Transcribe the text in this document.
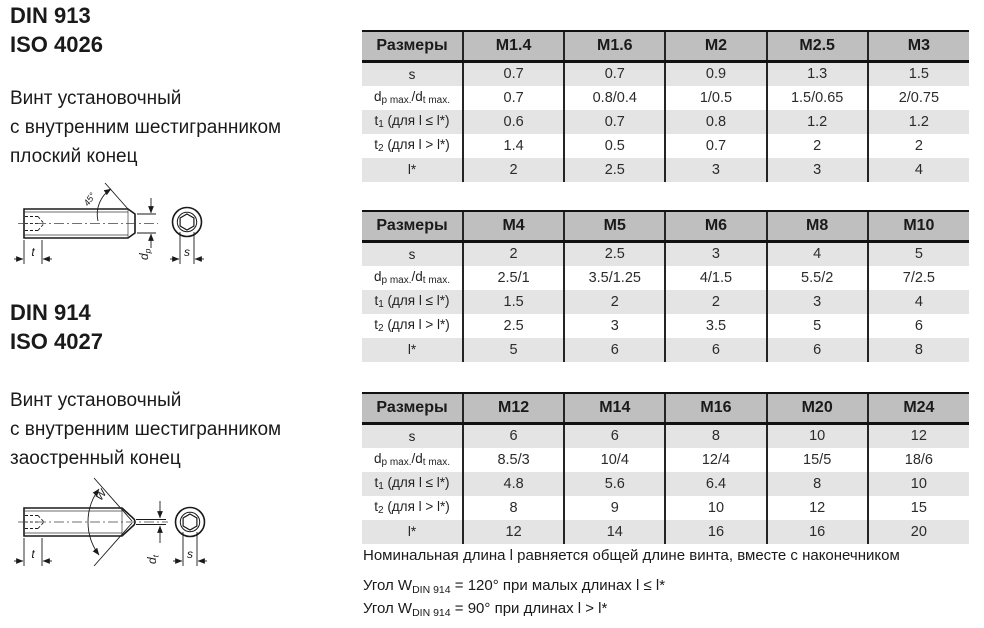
DIN 913
ISO 4026

Винт установочный
с внутренним шестигранником
плоский конец

45°
t	$d_p$	s
DIN 914
ISO 4027

Винт установочный
с внутренним шестигранником
заостренный конец

W
$d_t$
t	s
Размеры	M1.4	M1.6	M2	M2.5	M3
s	0.7	0.7	0.9	1.3	1.5
$d_{p max.}/d_{t max.}$	0.7	0.8/0.4	1/0.5	1.5/0.65	2/0.75
$t_1$ (для l ≤ l*)	0.6	0.7	0.8	1.2	1.2
$t_2$ (для l > l*)	1.4	0.5	0.7	2	2
l*	2	2.5	3	3	4
Размеры	M4	M5	M6	M8	M10
s	2	2.5	3	4	5
$d_{p max.}/d_{t max.}$	2.5/1	3.5/1.25	4/1.5	5.5/2	7/2.5
$t_1$ (для l ≤ l*)	1.5	2	2	3	4
$t_2$ (для l > l*)	2.5	3	3.5	5	6
l*	5	6	6	6	8
Размеры	M12	M14	M16	M20	M24
s	6	6	8	10	12
$d_{p max.}/d_{t max.}$	8.5/3	10/4	12/4	15/5	18/6
$t_1$ (для l ≤ l*)	4.8	5.6	6.4	8	10
$t_2$ (для l > l*)	8	9	10	12	15
l*	12	14	16	16	20

Номинальная длина l равняется общей длине винта, вместе с наконечником

Угол $W_{DIN 914} = 120^\circ$ при малых длинах l ≤ l*

Угол $W_{DIN 914} = 90^\circ$ при длинах l > l*
